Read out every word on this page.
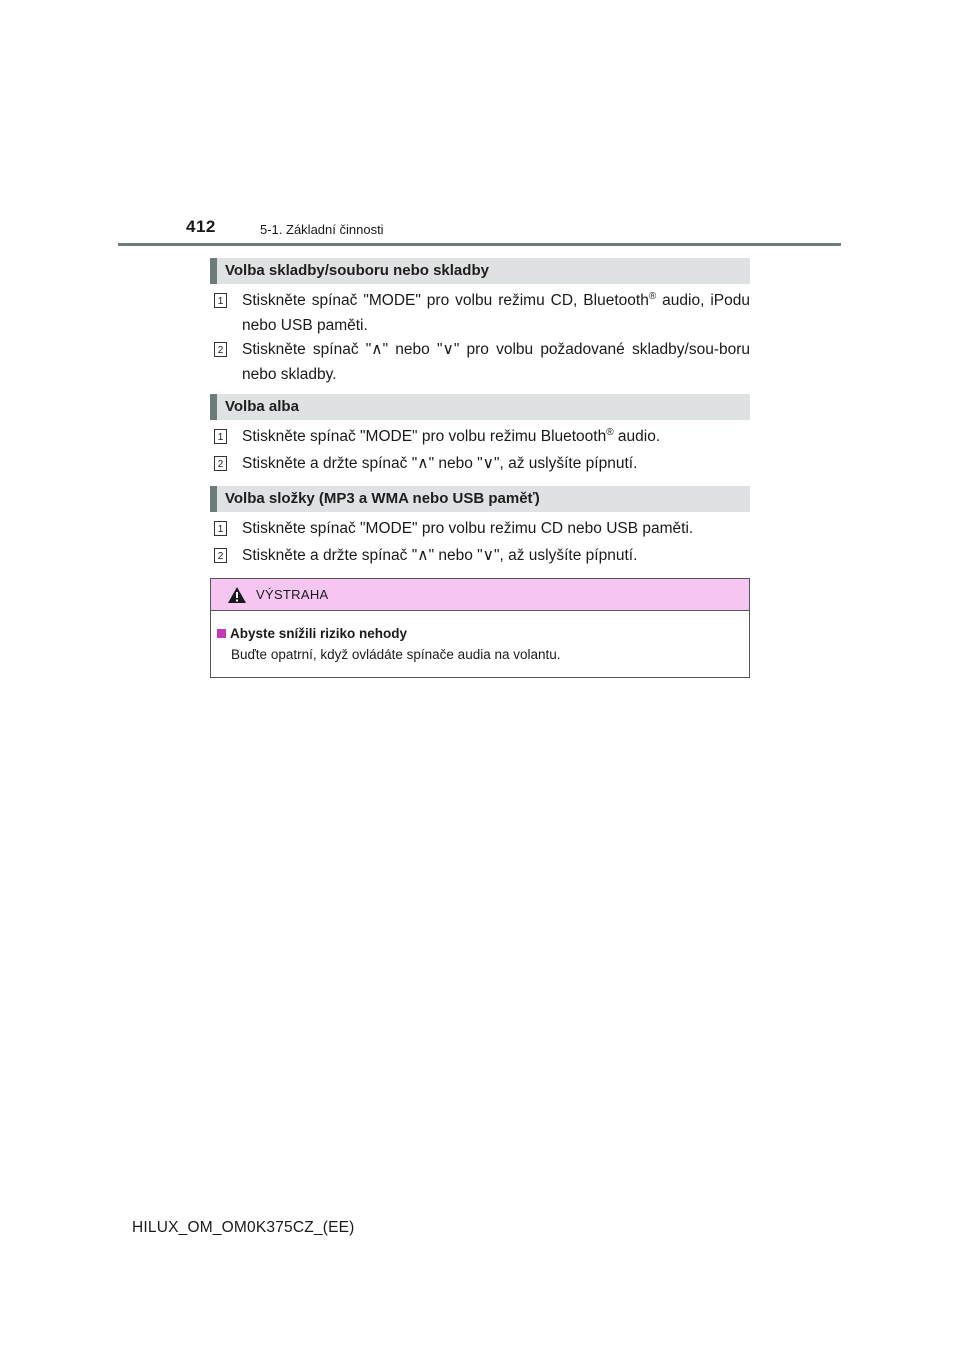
412	5-1. Základní činnosti
Volba skladby/souboru nebo skladby
1 Stiskněte spínač "MODE" pro volbu režimu CD, Bluetooth® audio, iPodu nebo USB paměti.
2 Stiskněte spínač "∧" nebo "∨" pro volbu požadované skladby/sou-boru nebo skladby.
Volba alba
1 Stiskněte spínač "MODE" pro volbu režimu Bluetooth® audio.
2 Stiskněte a držte spínač "∧" nebo "∨", až uslyšíte pípnutí.
Volba složky (MP3 a WMA nebo USB paměť)
1 Stiskněte spínač "MODE" pro volbu režimu CD nebo USB paměti.
2 Stiskněte a držte spínač "∧" nebo "∨", až uslyšíte pípnutí.
VÝSTRAHA
Abyste snížili riziko nehody
Buďte opatrní, když ovládáte spínače audia na volantu.
HILUX_OM_OM0K375CZ_(EE)
